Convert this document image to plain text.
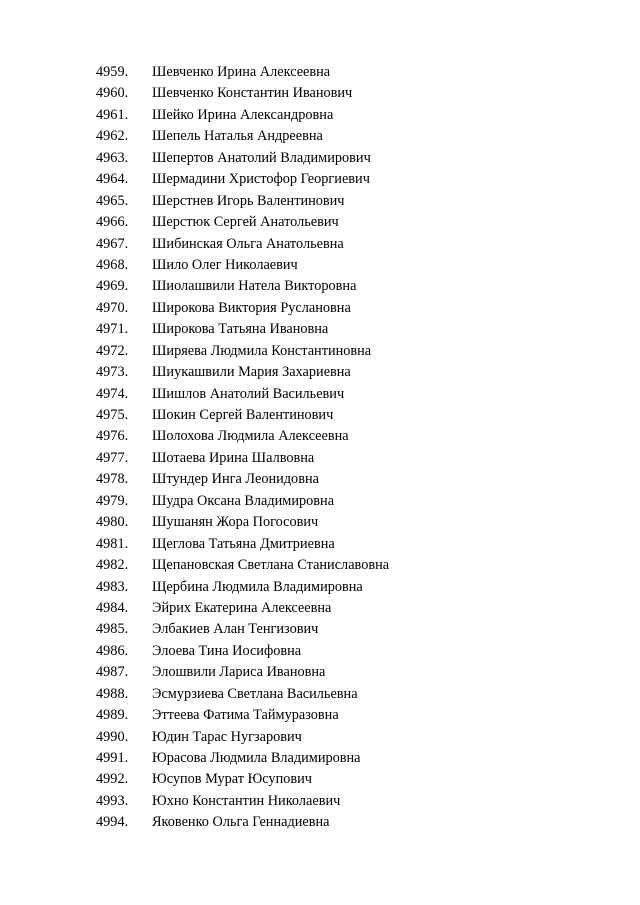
4959.	Шевченко Ирина Алексеевна
4960.	Шевченко Константин Иванович
4961.	Шейко Ирина Александровна
4962.	Шепель Наталья Андреевна
4963.	Шепертов Анатолий Владимирович
4964.	Шермадини Христофор Георгиевич
4965.	Шерстнев Игорь Валентинович
4966.	Шерстюк Сергей Анатольевич
4967.	Шибинская Ольга Анатольевна
4968.	Шило Олег Николаевич
4969.	Шиолашвили Натела Викторовна
4970.	Широкова Виктория Руслановна
4971.	Широкова Татьяна Ивановна
4972.	Ширяева Людмила Константиновна
4973.	Шиукашвили Мария Захариевна
4974.	Шишлов Анатолий Васильевич
4975.	Шокин Сергей Валентинович
4976.	Шолохова Людмила Алексеевна
4977.	Шотаева Ирина Шалвовна
4978.	Штундер Инга Леонидовна
4979.	Шудра Оксана Владимировна
4980.	Шушанян Жора Погосович
4981.	Щеглова Татьяна Дмитриевна
4982.	Щепановская Светлана Станиславовна
4983.	Щербина Людмила Владимировна
4984.	Эйрих Екатерина Алексеевна
4985.	Элбакиев Алан Тенгизович
4986.	Элоева Тина Иосифовна
4987.	Элошвили Лариса Ивановна
4988.	Эсмурзиева Светлана Васильевна
4989.	Эттеева Фатима Таймуразовна
4990.	Юдин Тарас Нугзарович
4991.	Юрасова Людмила Владимировна
4992.	Юсупов Мурат Юсупович
4993.	Юхно Константин Николаевич
4994.	Яковенко Ольга Геннадиевна
